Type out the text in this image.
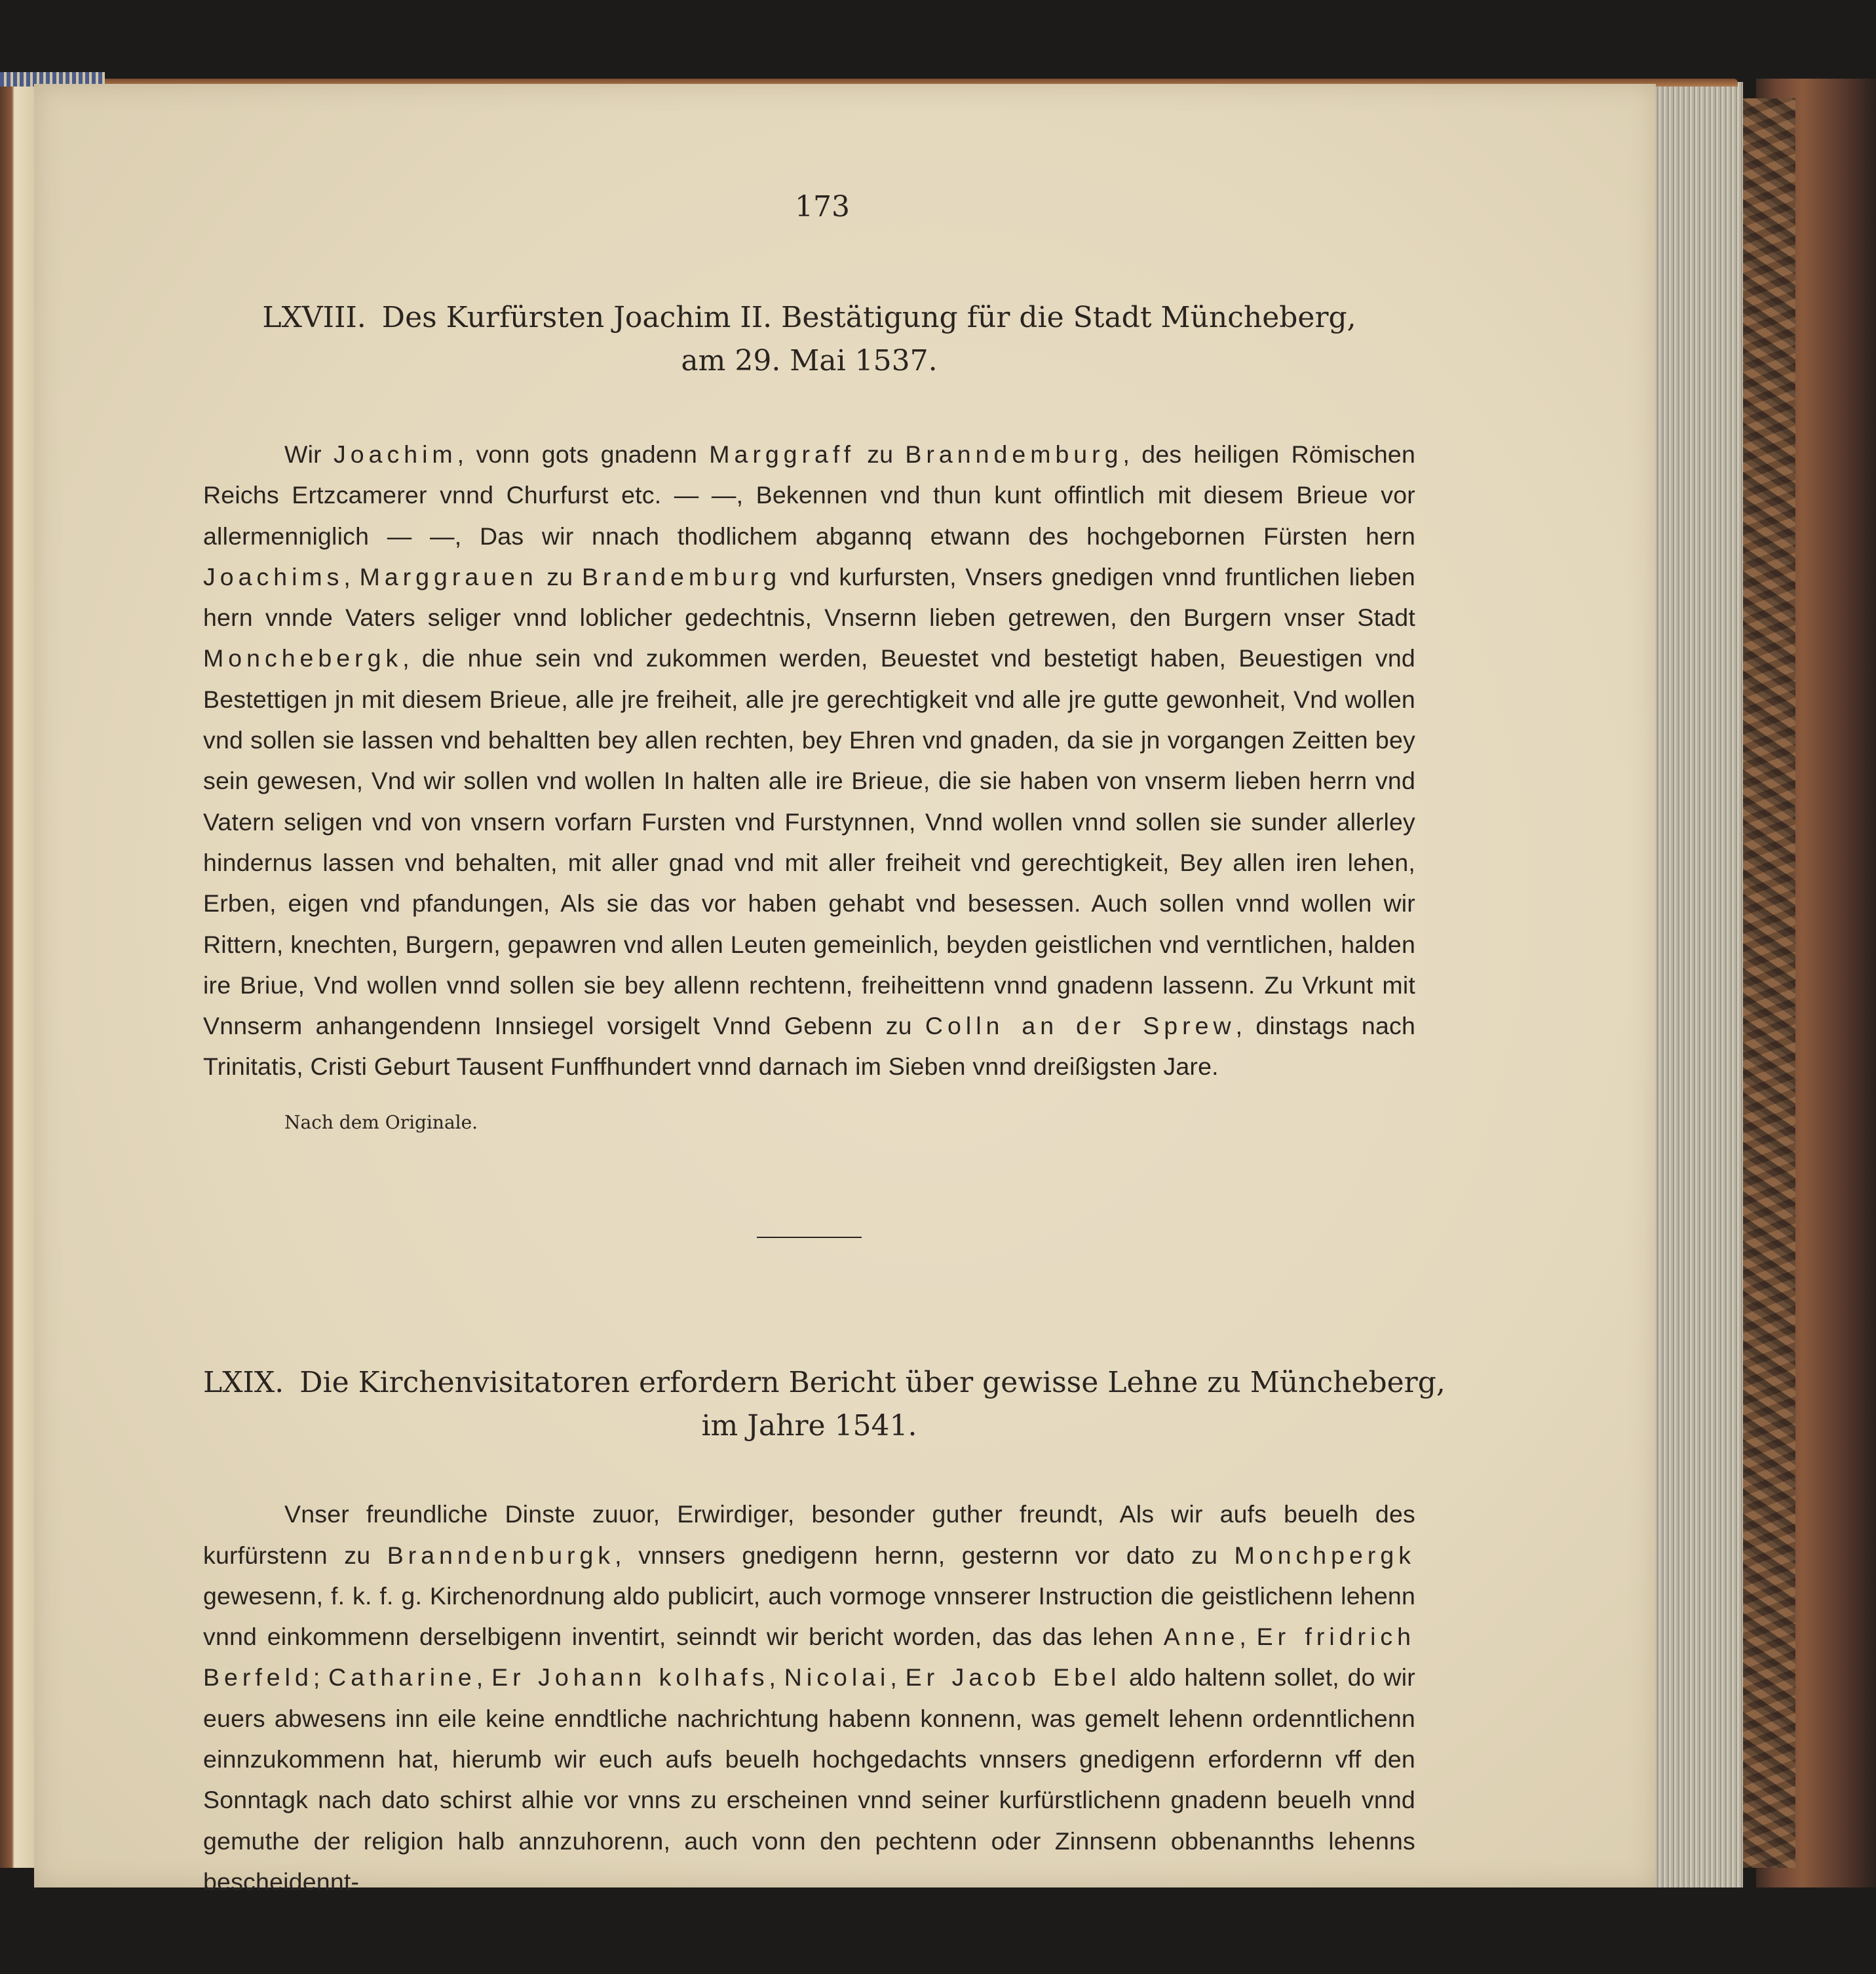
173
LXVIII. Des Kurfürsten Joachim II. Bestätigung für die Stadt Müncheberg,
am 29. Mai 1537.

Wir Joachim, vonn gots gnadenn Marggraff zu Branndemburg, des heiligen Römischen Reichs Ertzcamerer vnnd Churfurst etc. — —, Bekennen vnd thun kunt offintlich mit diesem Brieue vor allermenniglich — —, Das wir nnach thodlichem abgannq etwann des hochgebornen Fürsten hern Joachims, Marggrauen zu Brandemburg vnd kurfursten, Vnsers gnedigen vnnd fruntlichen lieben hern vnnde Vaters seliger vnnd loblicher gedechtnis, Vnsernn lieben getrewen, den Burgern vnser Stadt Monchebergk, die nhue sein vnd zukommen werden, Beuestet vnd bestetigt haben, Beuestigen vnd Bestettigen jn mit diesem Brieue, alle jre freiheit, alle jre gerechtigkeit vnd alle jre gutte gewonheit, Vnd wollen vnd sollen sie lassen vnd behaltten bey allen rechten, bey Ehren vnd gnaden, da sie jn vorgangen Zeitten bey sein gewesen, Vnd wir sollen vnd wollen In halten alle ire Brieue, die sie haben von vnserm lieben herrn vnd Vatern seligen vnd von vnsern vorfarn Fursten vnd Furstynnen, Vnnd wollen vnnd sollen sie sunder allerley hindernus lassen vnd behalten, mit aller gnad vnd mit aller freiheit vnd gerechtigkeit, Bey allen iren lehen, Erben, eigen vnd pfandungen, Als sie das vor haben gehabt vnd besessen. Auch sollen vnnd wollen wir Rittern, knechten, Burgern, gepawren vnd allen Leuten gemeinlich, beyden geistlichen vnd verntlichen, halden ire Briue, Vnd wollen vnnd sollen sie bey allenn rechtenn, freiheittenn vnnd gnadenn lassenn. Zu Vrkunt mit Vnnserm anhangendenn Innsiegel vorsigelt Vnnd Gebenn zu Colln an der Sprew, dinstags nach Trinitatis, Cristi Geburt Tausent Funffhundert vnnd darnach im Sieben vnnd dreißigsten Jare.

Nach dem Originale.
LXIX. Die Kirchenvisitatoren erfordern Bericht über gewisse Lehne zu Müncheberg,
im Jahre 1541.

Vnser freundliche Dinste zuuor, Erwirdiger, besonder guther freundt, Als wir aufs beuelh des kurfürstenn zu Branndenburgk, vnnsers gnedigenn hernn, gesternn vor dato zu Monchpergk gewesenn, f. k. f. g. Kirchenordnung aldo publicirt, auch vormoge vnnserer Instruction die geistlichenn lehenn vnnd einkommenn derselbigenn inventirt, seinndt wir bericht worden, das das lehen Anne, Er fridrich Berfeld; Catharine, Er Johann kolhafs, Nicolai, Er Jacob Ebel aldo haltenn sollet, do wir euers abwesens inn eile keine enndtliche nachrichtung habenn konnenn, was gemelt lehenn ordenntlichenn einnzukommenn hat, hierumb wir euch aufs beuelh hochgedachts vnnsers gnedigenn erfordernn vff den Sonntagk nach dato schirst alhie vor vnns zu erscheinen vnnd seiner kurfürstlichenn gnadenn beuelh vnnd gemuthe der religion halb annzuhorenn, auch vonn den pechtenn oder Zinnsenn obbenannths lehenns bescheidennt-
